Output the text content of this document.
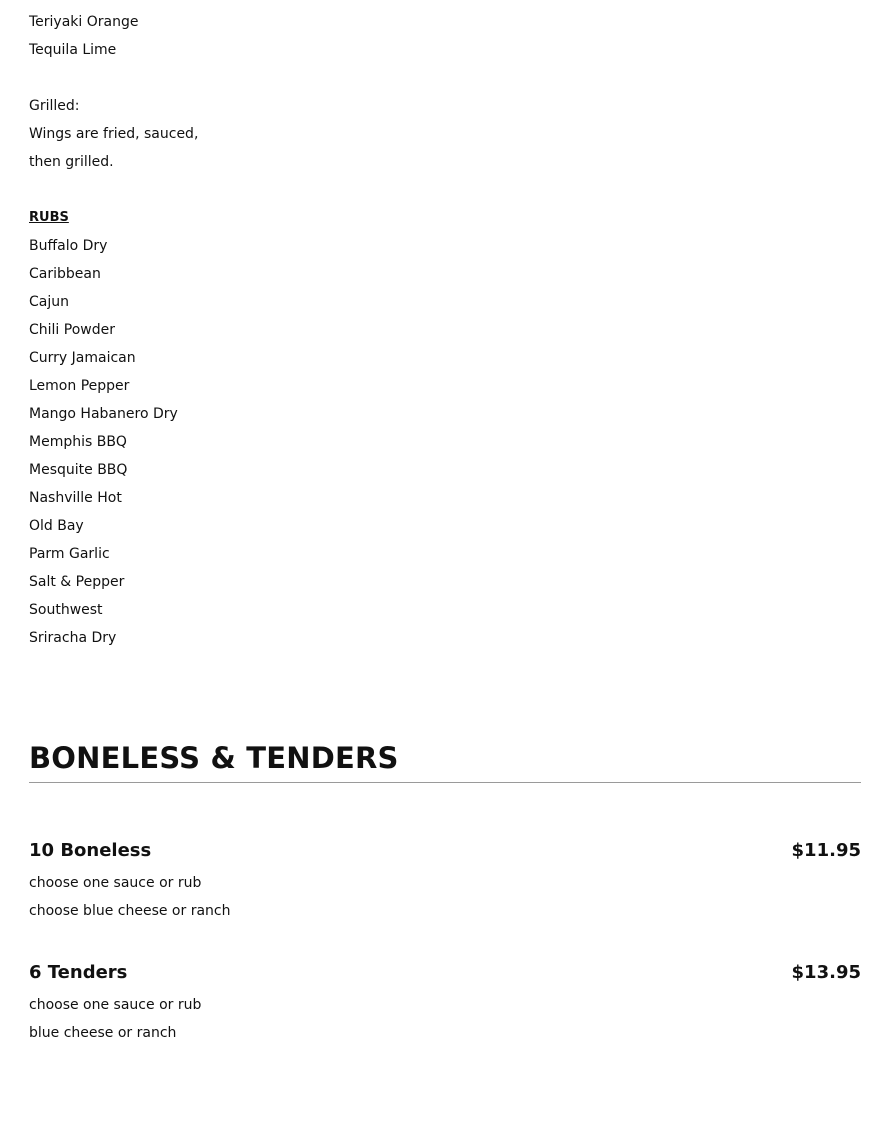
Teriyaki Orange
Tequila Lime
Grilled:
Wings are fried, sauced,
then grilled.
RUBS
Buffalo Dry
Caribbean
Cajun
Chili Powder
Curry Jamaican
Lemon Pepper
Mango Habanero Dry
Memphis BBQ
Mesquite BBQ
Nashville Hot
Old Bay
Parm Garlic
Salt & Pepper
Southwest
Sriracha Dry
BONELESS & TENDERS
10 Boneless	$11.95
choose one sauce or rub
choose blue cheese or ranch
6 Tenders	$13.95
choose one sauce or rub
blue cheese or ranch
